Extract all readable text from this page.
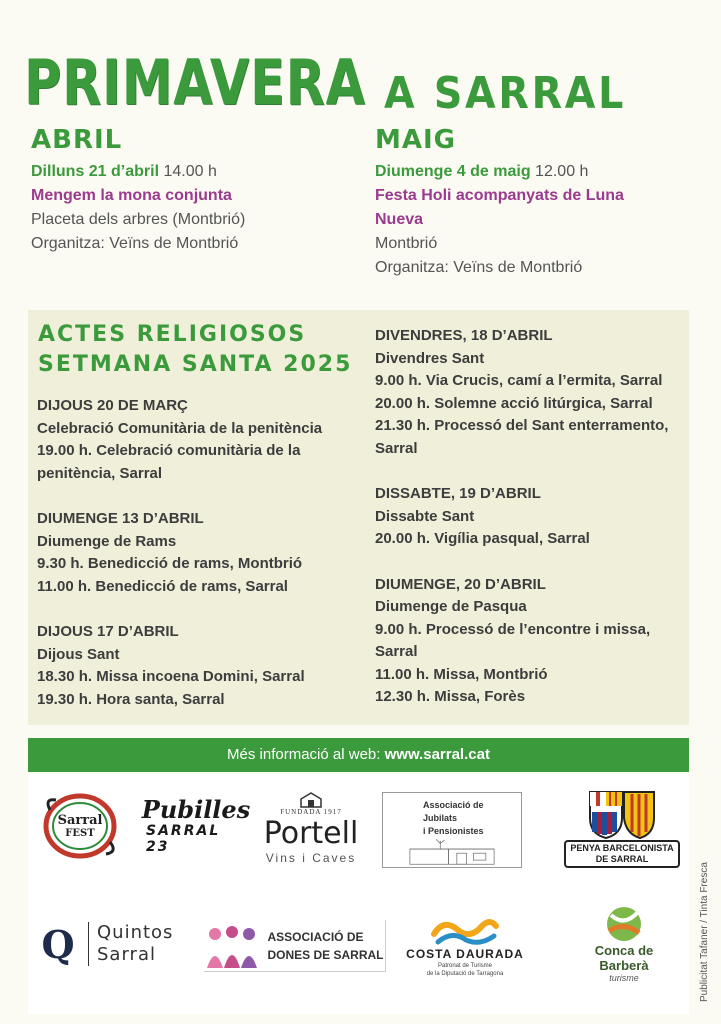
PRIMAVERA A SARRAL
ABRIL
Dilluns 21 d’abril 14.00 h
Mengem la mona conjunta
Placeta dels arbres (Montbrió)
Organitza: Veïns de Montbrió
MAIG
Diumenge 4 de maig 12.00 h
Festa Holi acompanyats de Luna
Nueva
Montbrió
Organitza: Veïns de Montbrió
ACTES RELIGIOSOS
SETMANA SANTA 2025
DIJOUS 20 DE MARÇ
Celebració Comunitària de la penitència
19.00 h. Celebració comunitària de la
penitència, Sarral
DIUMENGE 13 D’ABRIL
Diumenge de Rams
9.30 h. Benedicció de rams, Montbrió
11.00 h. Benedicció de rams, Sarral
DIJOUS 17 D’ABRIL
Dijous Sant
18.30 h. Missa incoena Domini, Sarral
19.30 h. Hora santa, Sarral
DIVENDRES, 18 D’ABRIL
Divendres Sant
9.00 h. Via Crucis, camí a l’ermita, Sarral
20.00 h. Solemne acció litúrgica, Sarral
21.30 h. Processó del Sant enterramento,
Sarral
DISSABTE, 19 D’ABRIL
Dissabte Sant
20.00 h. Vigília pasqual, Sarral
DIUMENGE, 20 D’ABRIL
Diumenge de Pasqua
9.00 h. Processó de l’encontre i missa,
Sarral
11.00 h. Missa, Montbrió
12.30 h. Missa, Forès
Més informació al web: www.sarral.cat
Sarral
FEST
Pubilles
SARRAL 23
FUNDADA 1917
Portell
Vins i Caves
Associació de Jubilats
i Pensionistes
PENYA BARCELONISTA
DE SARRAL
Q	Quintos
Sarral
ASSOCIACIÓ DE
DONES DE SARRAL COSTA DAURADA
Patronat de Turisme
de la Diputació de Tarragona
Conca de
Barberà
turisme	Publicitat Tafaner / Tinta Fresca
